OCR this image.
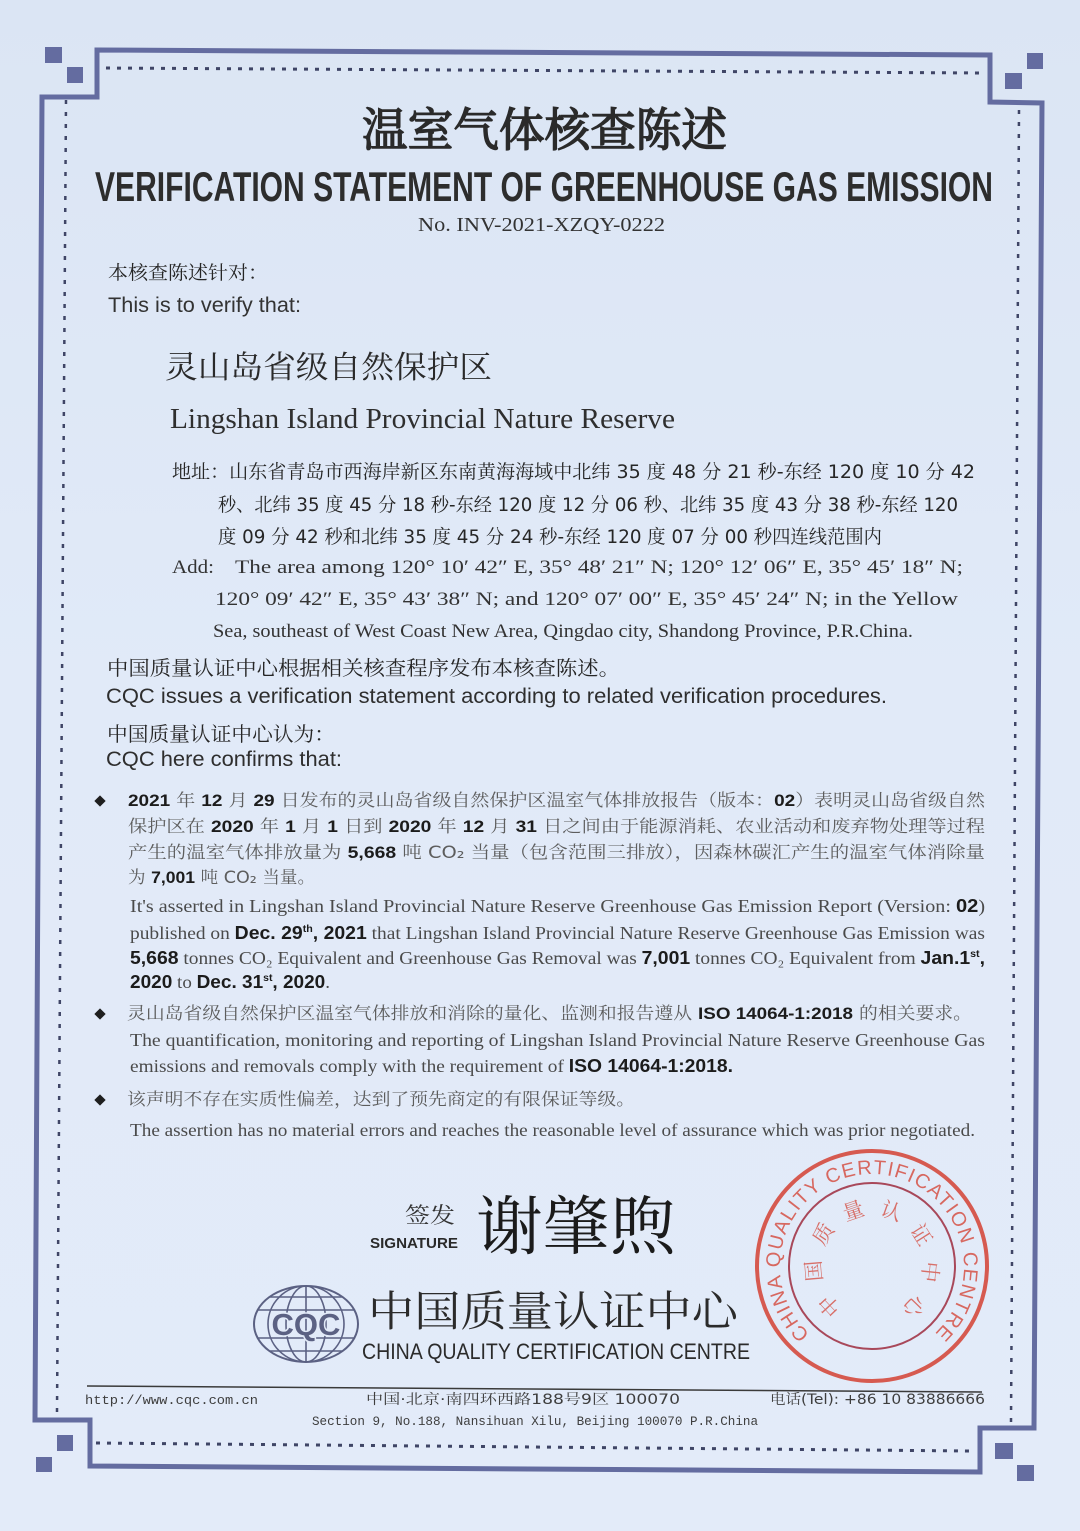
温室气体核查陈述
VERIFICATION STATEMENT OF GREENHOUSE GAS EMISSION
No. INV-2021-XZQY-0222
本核查陈述针对：
This is to verify that:
灵山岛省级自然保护区
Lingshan Island Provincial Nature Reserve
地址：山东省青岛市西海岸新区东南黄海海域中北纬 35 度 48 分 21 秒-东经 120 度 10 分 42
秒、北纬 35 度 45 分 18 秒-东经 120 度 12 分 06 秒、北纬 35 度 43 分 38 秒-东经 120
度 09 分 42 秒和北纬 35 度 45 分 24 秒-东经 120 度 07 分 00 秒四连线范围内
Add: The area among 120° 10′ 42″ E, 35° 48′ 21″ N; 120° 12′ 06″ E, 35° 45′ 18″ N;
120° 09′ 42″ E, 35° 43′ 38″ N; and 120° 07′ 00″ E, 35° 45′ 24″ N; in the Yellow
Sea, southeast of West Coast New Area, Qingdao city, Shandong Province, P.R.China.
中国质量认证中心根据相关核查程序发布本核查陈述。
CQC issues a verification statement according to related verification procedures.
中国质量认证中心认为：
CQC here confirms that:
2021 年 12 月 29 日发布的灵山岛省级自然保护区温室气体排放报告（版本：02）表明灵山岛省级自然
保护区在 2020 年 1 月 1 日到 2020 年 12 月 31 日之间由于能源消耗、农业活动和废弃物处理等过程
产生的温室气体排放量为 5,668 吨 CO₂ 当量（包含范围三排放），因森林碳汇产生的温室气体消除量
为 7,001 吨 CO₂ 当量。
It's asserted in Lingshan Island Provincial Nature Reserve Greenhouse Gas Emission Report (Version: 02)
published on Dec. 29th, 2021 that Lingshan Island Provincial Nature Reserve Greenhouse Gas Emission was
5,668 tonnes CO₂ Equivalent and Greenhouse Gas Removal was 7,001 tonnes CO₂ Equivalent from Jan.1st,
2020 to Dec. 31st, 2020.
灵山岛省级自然保护区温室气体排放和消除的量化、监测和报告遵从 ISO 14064-1:2018 的相关要求。
The quantification, monitoring and reporting of Lingshan Island Provincial Nature Reserve Greenhouse Gas
emissions and removals comply with the requirement of ISO 14064-1:2018.
该声明不存在实质性偏差，达到了预先商定的有限保证等级。
The assertion has no material errors and reaches the reasonable level of assurance which was prior negotiated.
签发
SIGNATURE 谢肇煦
CQC 中国质量认证中心
CHINA QUALITY CERTIFICATION CENTRE
CHINA QUALITY CERTIFICATION CENTRE
中
国
质
量 认
证
中
心
http://www.cqc.com.cn	中国·北京·南四环西路188号9区 100070	电话(Tel): +86 10 83886666
Section 9, No.188, Nansihuan Xilu, Beijing 100070 P.R.China
